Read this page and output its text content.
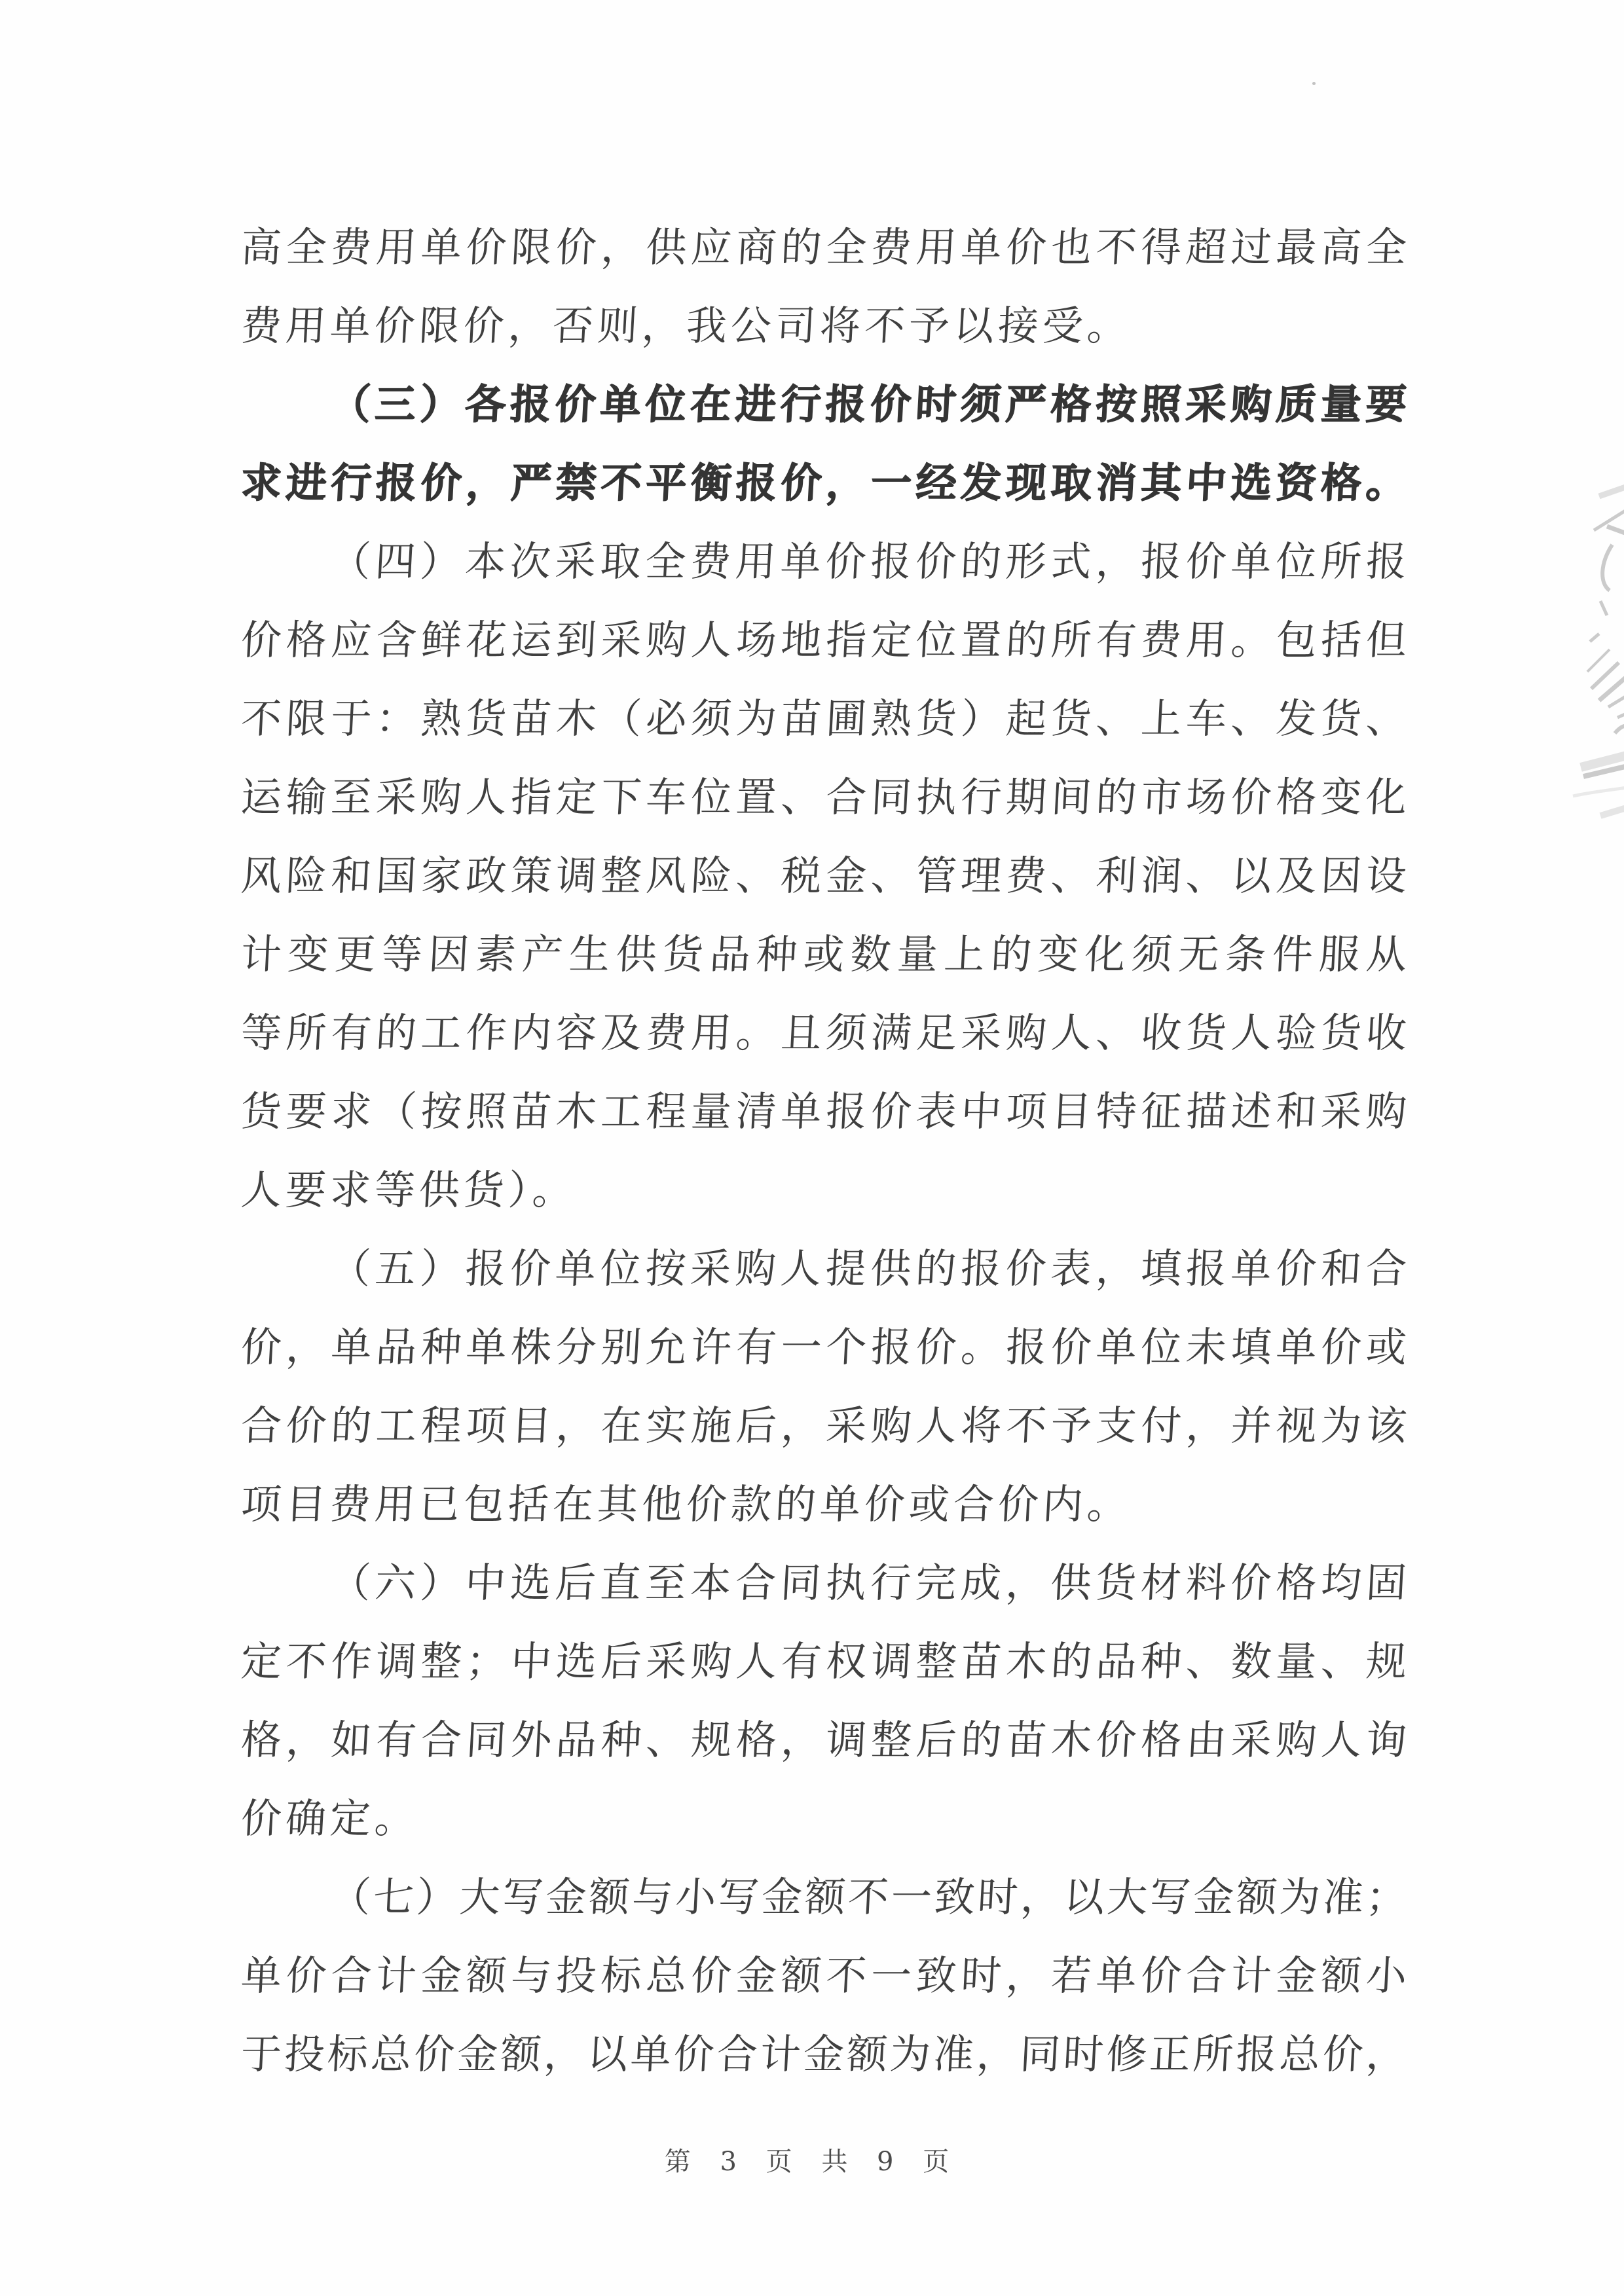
高全费用单价限价，供应商的全费用单价也不得超过最高全
费用单价限价，否则，我公司将不予以接受。
（三）各报价单位在进行报价时须严格按照采购质量要
求进行报价，严禁不平衡报价，一经发现取消其中选资格。
（四）本次采取全费用单价报价的形式，报价单位所报
价格应含鲜花运到采购人场地指定位置的所有费用。包括但
不限于：熟货苗木（必须为苗圃熟货）起货、上车、发货、
运输至采购人指定下车位置、合同执行期间的市场价格变化
风险和国家政策调整风险、税金、管理费、利润、以及因设
计变更等因素产生供货品种或数量上的变化须无条件服从
等所有的工作内容及费用。且须满足采购人、收货人验货收
货要求（按照苗木工程量清单报价表中项目特征描述和采购
人要求等供货）。
（五）报价单位按采购人提供的报价表，填报单价和合
价，单品种单株分别允许有一个报价。报价单位未填单价或
合价的工程项目，在实施后，采购人将不予支付，并视为该
项目费用已包括在其他价款的单价或合价内。
（六）中选后直至本合同执行完成，供货材料价格均固
定不作调整；中选后采购人有权调整苗木的品种、数量、规
格，如有合同外品种、规格，调整后的苗木价格由采购人询
价确定。
（七）大写金额与小写金额不一致时，以大写金额为准；
单价合计金额与投标总价金额不一致时，若单价合计金额小
于投标总价金额，以单价合计金额为准，同时修正所报总价，
第 3 页 共 9 页
